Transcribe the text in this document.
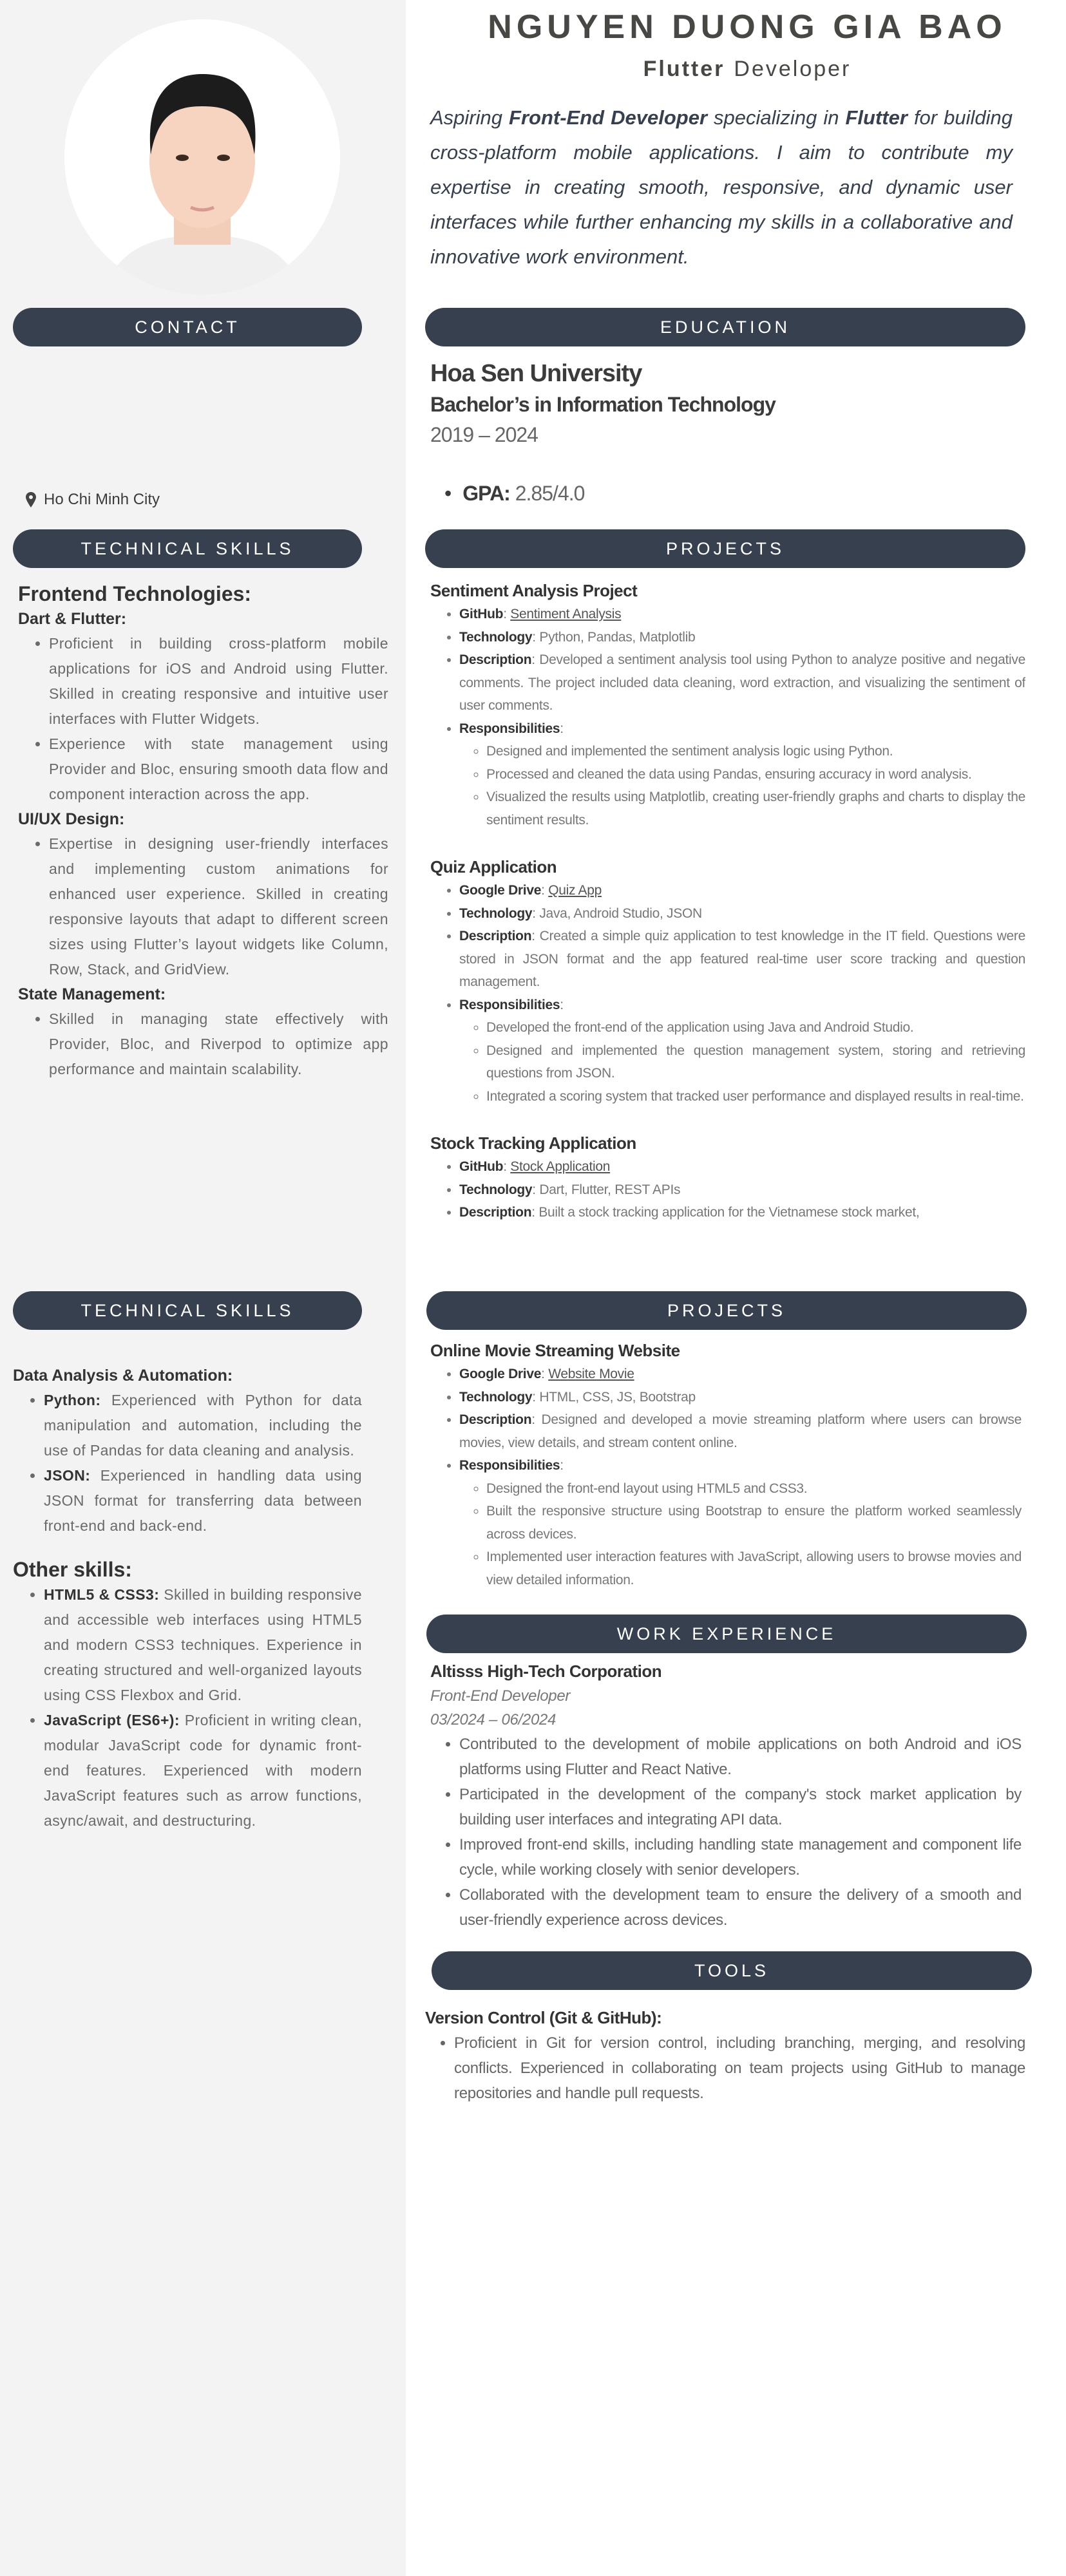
NGUYEN DUONG GIA BAO
Flutter Developer
Aspiring Front-End Developer specializing in Flutter for building cross-platform mobile applications. I aim to contribute my expertise in creating smooth, responsive, and dynamic user interfaces while further enhancing my skills in a collaborative and innovative work environment.
CONTACT	EDUCATION
Hoa Sen University
Bachelor’s in Information Technology
2019 – 2024
• GPA: 2.85/4.0
Ho Chi Minh City
TECHNICAL SKILLS	PROJECTS
Frontend Technologies:
Dart & Flutter:
• Proficient in building cross-platform mobile applications for iOS and Android using Flutter. Skilled in creating responsive and intuitive user interfaces with Flutter Widgets.
• Experience with state management using Provider and Bloc, ensuring smooth data flow and component interaction across the app.
UI/UX Design:
• Expertise in designing user-friendly interfaces and implementing custom animations for enhanced user experience. Skilled in creating responsive layouts that adapt to different screen sizes using Flutter’s layout widgets like Column, Row, Stack, and GridView.
State Management:
• Skilled in managing state effectively with Provider, Bloc, and Riverpod to optimize app performance and maintain scalability.
Sentiment Analysis Project
• GitHub: Sentiment Analysis
• Technology: Python, Pandas, Matplotlib
• Description: Developed a sentiment analysis tool using Python to analyze positive and negative comments. The project included data cleaning, word extraction, and visualizing the sentiment of user comments.
• Responsibilities:
◦ Designed and implemented the sentiment analysis logic using Python.
◦ Processed and cleaned the data using Pandas, ensuring accuracy in word analysis.
◦ Visualized the results using Matplotlib, creating user-friendly graphs and charts to display the sentiment results.
Quiz Application
• Google Drive: Quiz App
• Technology: Java, Android Studio, JSON
• Description: Created a simple quiz application to test knowledge in the IT field. Questions were stored in JSON format and the app featured real-time user score tracking and question management.
• Responsibilities:
◦ Developed the front-end of the application using Java and Android Studio.
◦ Designed and implemented the question management system, storing and retrieving questions from JSON.
◦ Integrated a scoring system that tracked user performance and displayed results in real-time.
Stock Tracking Application
• GitHub: Stock Application
• Technology: Dart, Flutter, REST APIs
• Description: Built a stock tracking application for the Vietnamese stock market,
TECHNICAL SKILLS	PROJECTS
Data Analysis & Automation:
• Python: Experienced with Python for data manipulation and automation, including the use of Pandas for data cleaning and analysis.
• JSON: Experienced in handling data using JSON format for transferring data between front-end and back-end.
Other skills:
• HTML5 & CSS3: Skilled in building responsive and accessible web interfaces using HTML5 and modern CSS3 techniques. Experience in creating structured and well-organized layouts using CSS Flexbox and Grid.
• JavaScript (ES6+): Proficient in writing clean, modular JavaScript code for dynamic front-end features. Experienced with modern JavaScript features such as arrow functions, async/await, and destructuring.
Online Movie Streaming Website
• Google Drive: Website Movie
• Technology: HTML, CSS, JS, Bootstrap
• Description: Designed and developed a movie streaming platform where users can browse movies, view details, and stream content online.
• Responsibilities:
◦ Designed the front-end layout using HTML5 and CSS3.
◦ Built the responsive structure using Bootstrap to ensure the platform worked seamlessly across devices.
◦ Implemented user interaction features with JavaScript, allowing users to browse movies and view detailed information.
WORK EXPERIENCE
Altisss High-Tech Corporation
Front-End Developer
03/2024 – 06/2024
• Contributed to the development of mobile applications on both Android and iOS platforms using Flutter and React Native.
• Participated in the development of the company's stock market application by building user interfaces and integrating API data.
• Improved front-end skills, including handling state management and component life cycle, while working closely with senior developers.
• Collaborated with the development team to ensure the delivery of a smooth and user-friendly experience across devices.
TOOLS
Version Control (Git & GitHub):
• Proficient in Git for version control, including branching, merging, and resolving conflicts. Experienced in collaborating on team projects using GitHub to manage repositories and handle pull requests.
